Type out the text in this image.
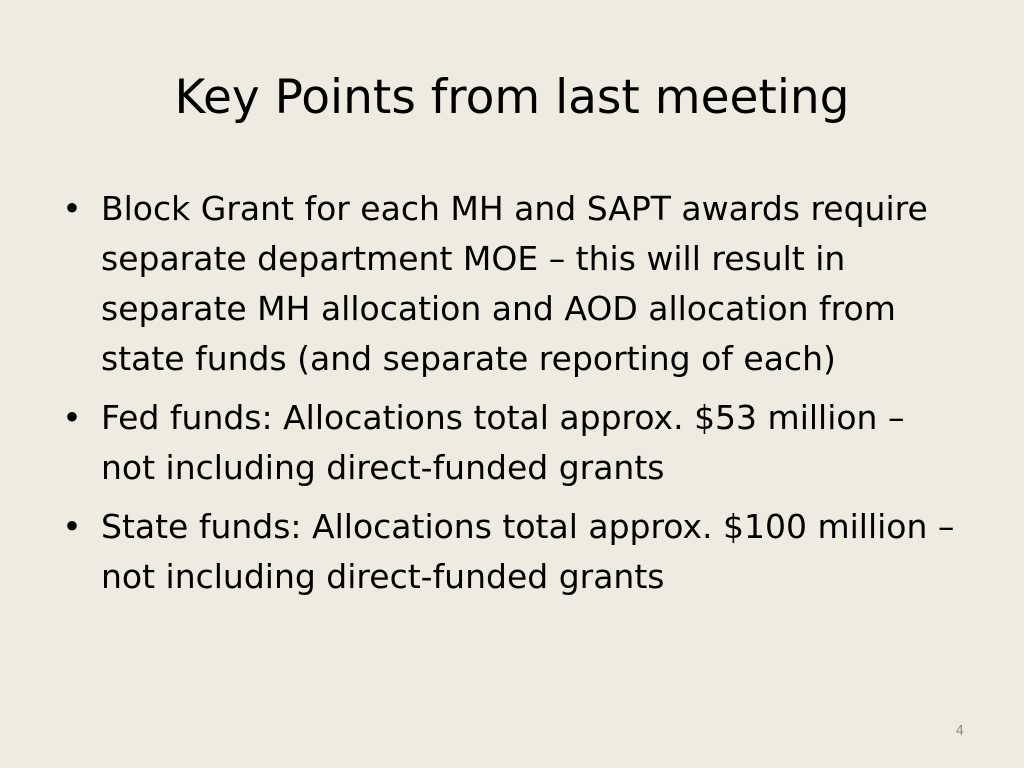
Key Points from last meeting
• Block Grant for each MH and SAPT awards require separate department MOE – this will result in separate MH allocation and AOD allocation from state funds (and separate reporting of each)
• Fed funds: Allocations total approx. $53 million – not including direct-funded grants
• State funds: Allocations total approx. $100 million – not including direct-funded grants
4
